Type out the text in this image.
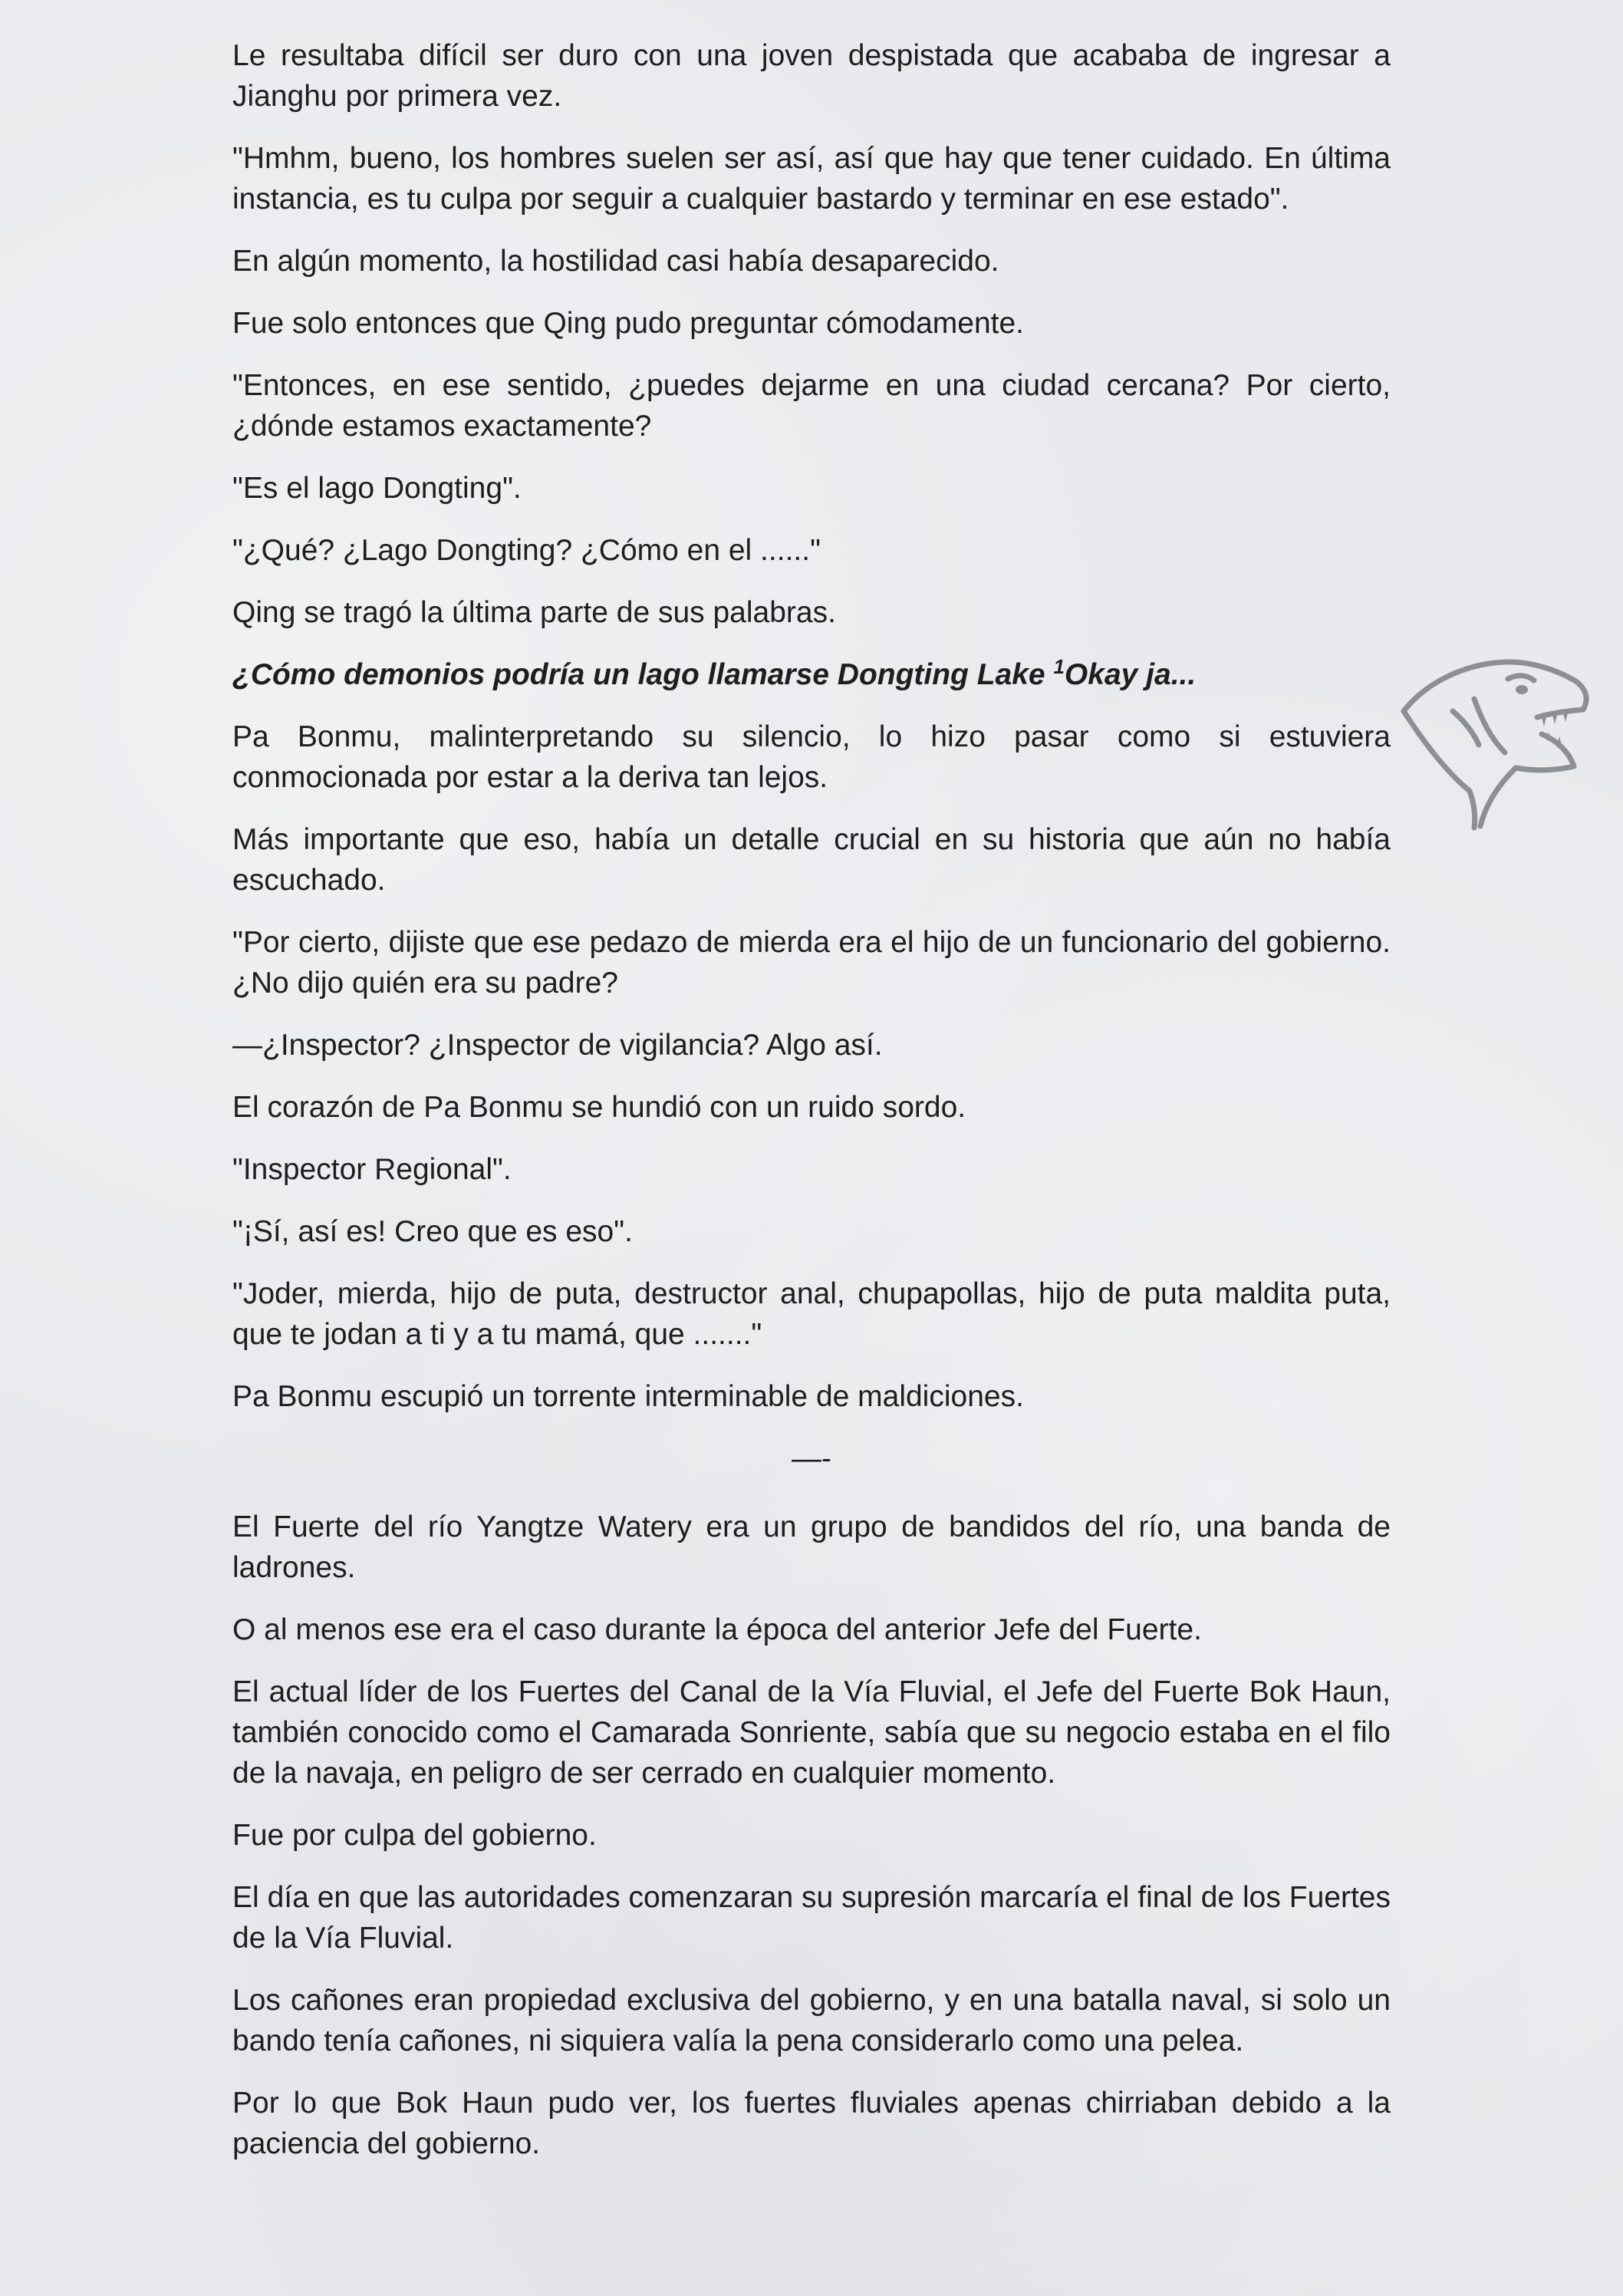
Le resultaba difícil ser duro con una joven despistada que acababa de ingresar a Jianghu por primera vez.

"Hmhm, bueno, los hombres suelen ser así, así que hay que tener cuidado. En última instancia, es tu culpa por seguir a cualquier bastardo y terminar en ese estado".

En algún momento, la hostilidad casi había desaparecido.

Fue solo entonces que Qing pudo preguntar cómodamente.

"Entonces, en ese sentido, ¿puedes dejarme en una ciudad cercana? Por cierto, ¿dónde estamos exactamente?

"Es el lago Dongting".

"¿Qué? ¿Lago Dongting? ¿Cómo en el ......"

Qing se tragó la última parte de sus palabras.

¿Cómo demonios podría un lago llamarse Dongting Lake $^1$Okay ja...

Pa Bonmu, malinterpretando su silencio, lo hizo pasar como si estuviera conmocionada por estar a la deriva tan lejos.

Más importante que eso, había un detalle crucial en su historia que aún no había escuchado.

"Por cierto, dijiste que ese pedazo de mierda era el hijo de un funcionario del gobierno. ¿No dijo quién era su padre?

—¿Inspector? ¿Inspector de vigilancia? Algo así.

El corazón de Pa Bonmu se hundió con un ruido sordo.

"Inspector Regional".

"¡Sí, así es! Creo que es eso".

"Joder, mierda, hijo de puta, destructor anal, chupapollas, hijo de puta maldita puta, que te jodan a ti y a tu mamá, que ......."

Pa Bonmu escupió un torrente interminable de maldiciones.

—-

El Fuerte del río Yangtze Watery era un grupo de bandidos del río, una banda de ladrones.

O al menos ese era el caso durante la época del anterior Jefe del Fuerte.

El actual líder de los Fuertes del Canal de la Vía Fluvial, el Jefe del Fuerte Bok Haun, también conocido como el Camarada Sonriente, sabía que su negocio estaba en el filo de la navaja, en peligro de ser cerrado en cualquier momento.

Fue por culpa del gobierno.

El día en que las autoridades comenzaran su supresión marcaría el final de los Fuertes de la Vía Fluvial.

Los cañones eran propiedad exclusiva del gobierno, y en una batalla naval, si solo un bando tenía cañones, ni siquiera valía la pena considerarlo como una pelea.

Por lo que Bok Haun pudo ver, los fuertes fluviales apenas chirriaban debido a la paciencia del gobierno.
